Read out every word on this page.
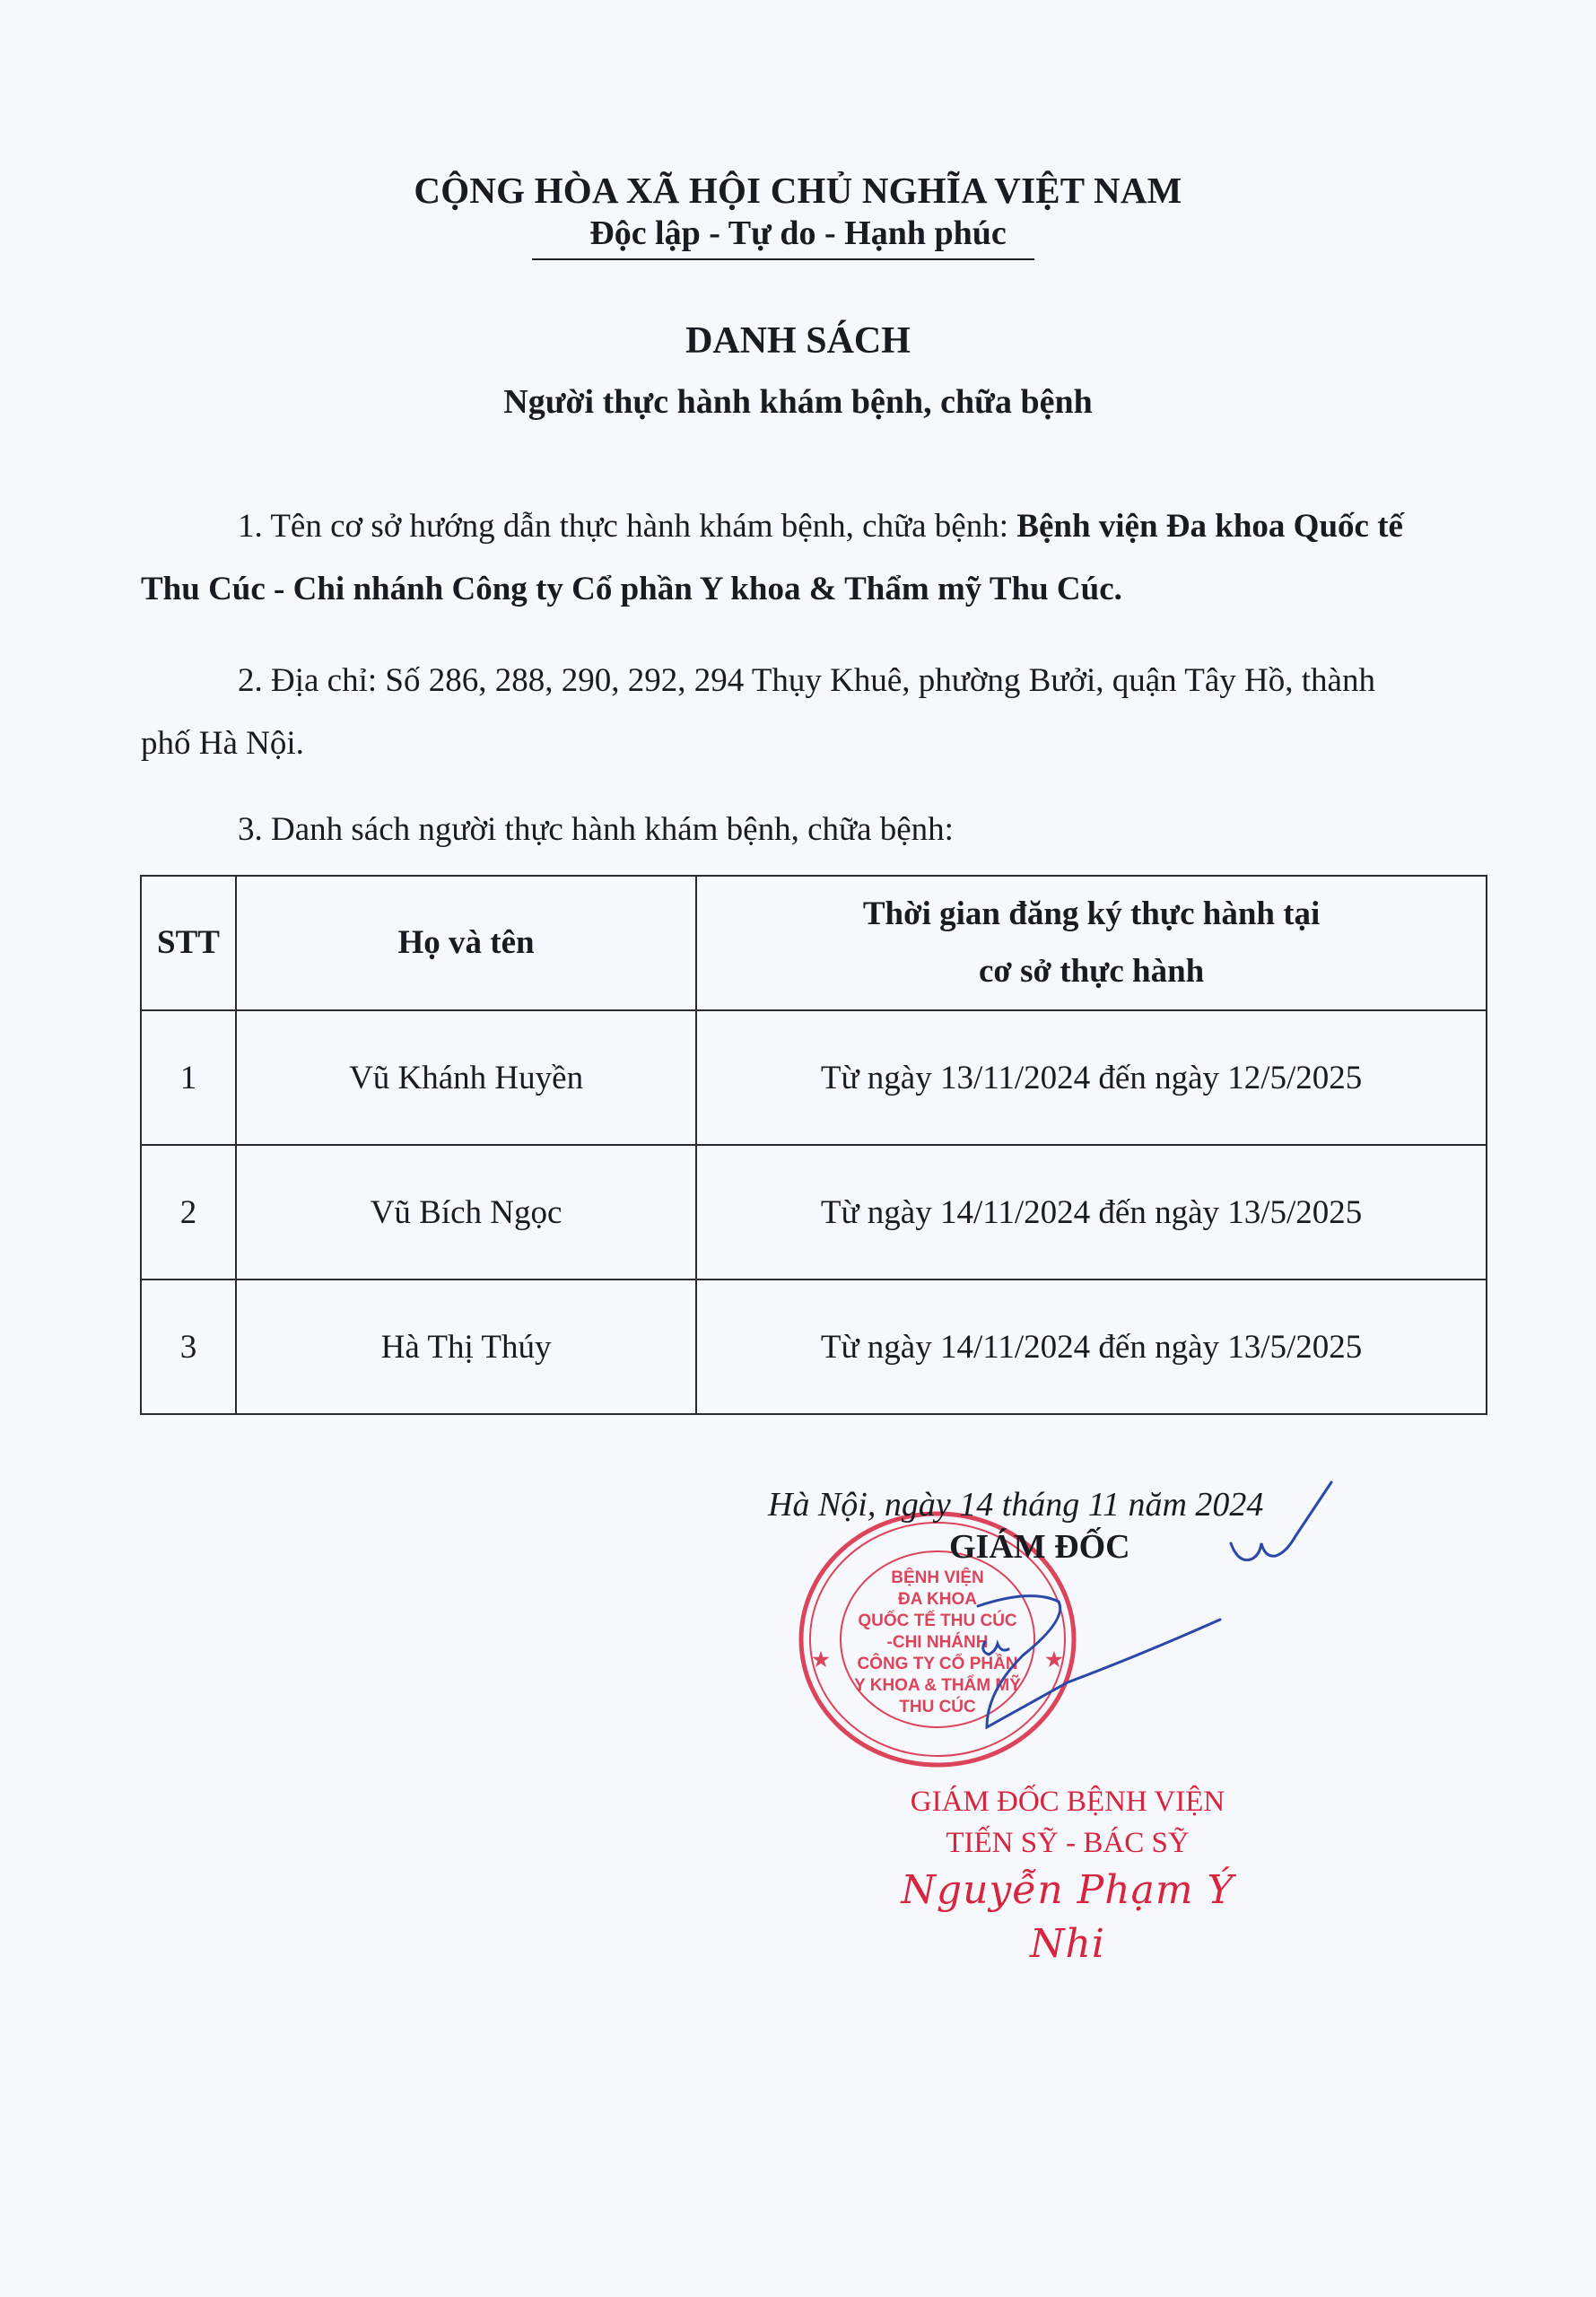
CỘNG HÒA XÃ HỘI CHỦ NGHĨA VIỆT NAM
Độc lập - Tự do - Hạnh phúc
DANH SÁCH
Người thực hành khám bệnh, chữa bệnh
1. Tên cơ sở hướng dẫn thực hành khám bệnh, chữa bệnh: Bệnh viện Đa khoa Quốc tế Thu Cúc - Chi nhánh Công ty Cổ phần Y khoa & Thẩm mỹ Thu Cúc.
2. Địa chỉ: Số 286, 288, 290, 292, 294 Thụy Khuê, phường Bưởi, quận Tây Hồ, thành phố Hà Nội.
3. Danh sách người thực hành khám bệnh, chữa bệnh:
STT	Họ và tên	Thời gian đăng ký thực hành tại
cơ sở thực hành

1	Vũ Khánh Huyền	Từ ngày 13/11/2024 đến ngày 12/5/2025
2	Vũ Bích Ngọc	Từ ngày 14/11/2024 đến ngày 13/5/2025
3	Hà Thị Thúy	Từ ngày 14/11/2024 đến ngày 13/5/2025
BỆNH VIỆN
ĐA KHOA
QUỐC TẾ THU CÚC
-CHI NHÁNH
CÔNG TY CỔ PHẦN
Y KHOA & THẨM MỸ
THU CÚC
★	★
Hà Nội, ngày 14 tháng 11 năm 2024
GIÁM ĐỐC
GIÁM ĐỐC BỆNH VIỆN
TIẾN SỸ - BÁC SỸ
Nguyễn Phạm Ý Nhi
